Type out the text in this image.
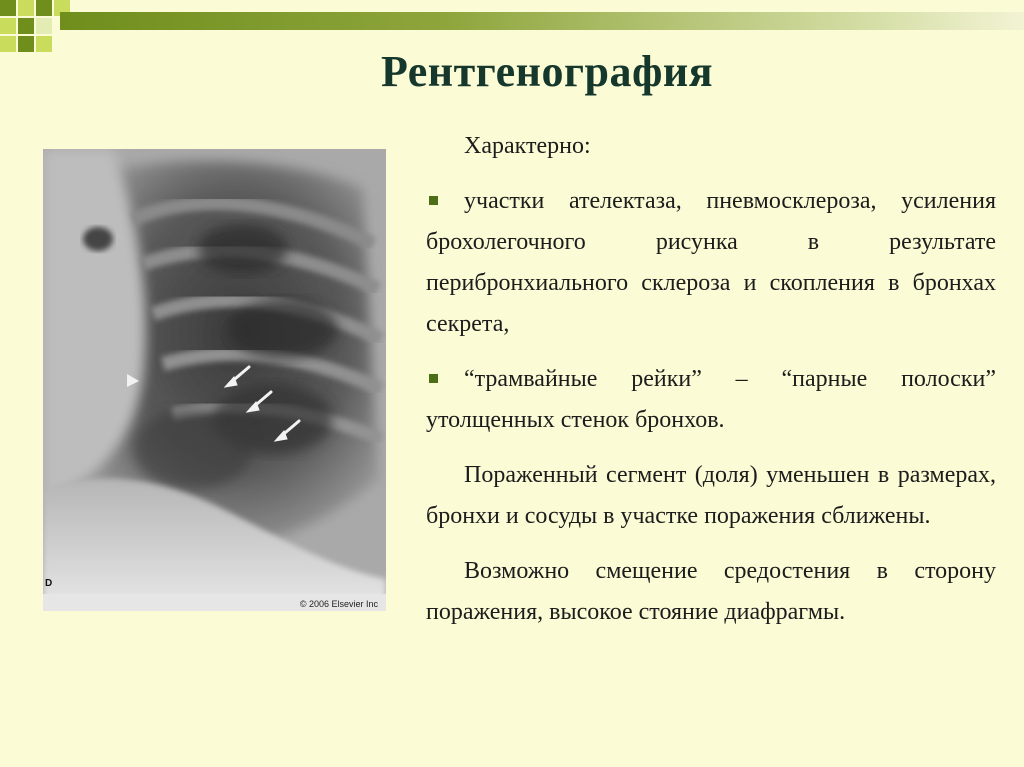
Рентгенография
D
© 2006 Elsevier Inc

Характерно:

участки ателектаза, пневмосклероза, усиления брохолегочного рисунка в результате перибронхиального склероза и скопления в бронхах секрета,

“трамвайные рейки” – “парные полоски” утолщенных стенок бронхов.

Пораженный сегмент (доля) уменьшен в размерах, бронхи и сосуды в участке поражения сближены.

Возможно смещение средостения в сторону поражения, высокое стояние диафрагмы.
